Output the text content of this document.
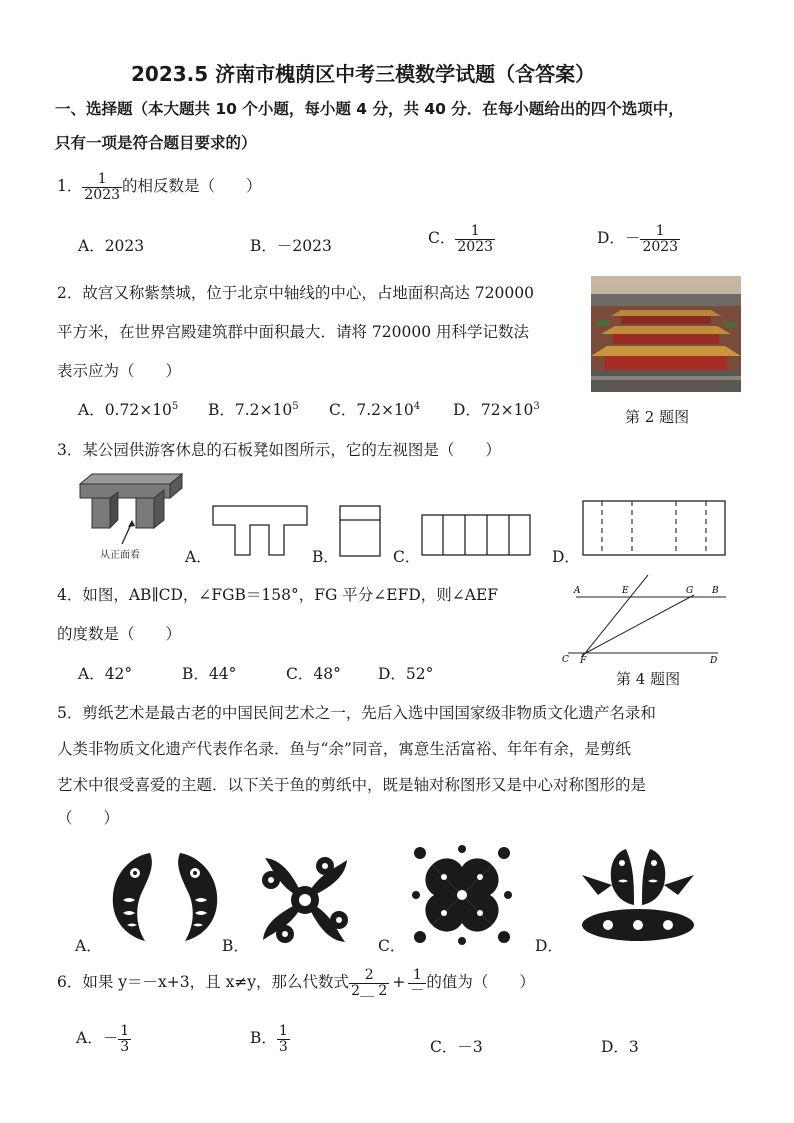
2023.5 济南市槐荫区中考三模数学试题（含答案）
一、选择题（本大题共 10 个小题，每小题 4 分，共 40 分．在每小题给出的四个选项中，
只有一项是符合题目要求的）
1． $\frac{1}{2023}$ 的相反数是（　　）
A．2023	B．－2023	C． $\frac{1}{2023}$	D．－ $\frac{1}{2023}$
2．故宫又称紫禁城，位于北京中轴线的中心，占地面积高达 720000
平方米，在世界宫殿建筑群中面积最大．请将 720000 用科学记数法
表示应为（　　）
A．$0.72\times 10^5$ B．$7.2\times 10^5$ C．$7.2\times 10^4$ D．$72\times 10^3$
第 2 题图
3．某公园供游客休息的石板凳如图所示，它的左视图是（　　）
从正面看	A．	B．	C．	D．
4．如图，AB∥CD，∠FGB＝158°，FG 平分∠EFD，则∠AEF
的度数是（　　）
A．42°	B．44°	C．48° D．52°
A	E	G B
C F	D
第 4 题图
5．剪纸艺术是最古老的中国民间艺术之一，先后入选中国国家级非物质文化遗产名录和
人类非物质文化遗产代表作名录．鱼与“余”同音，寓意生活富裕、年年有余，是剪纸
艺术中很受喜爱的主题．以下关于鱼的剪纸中，既是轴对称图形又是中心对称图形的是
（　　）
A．	B．	C．	D．
6．如果 y＝－x+3，且 x≠y，那么代数式 $\frac{2}{2\_ 2} + \frac{1}{-}$ 的值为（　　）
A．－ $\frac{1}{3}$	B． $\frac{1}{3}$	C．－3	D．3
